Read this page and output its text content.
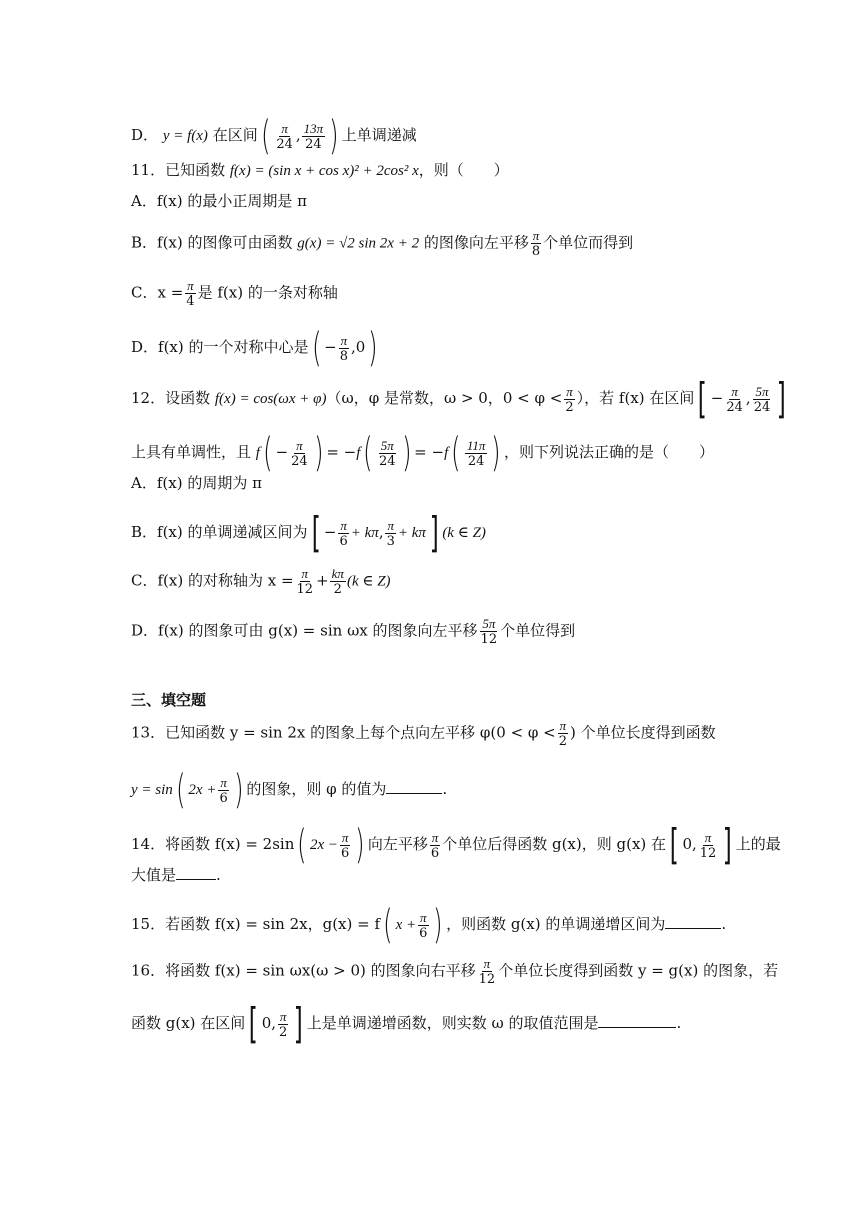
D． y = f(x) 在区间( $\frac{\pi}{24}$ , $\frac{13\pi}{24}$ ) 上单调递减
11．已知函数 f(x) = (sin x + cos x)² + 2cos² x，则（　　）
A．f(x) 的最小正周期是 π
B．f(x) 的图像可由函数 g(x) = √2 sin 2x + 2 的图像向左平移 $\frac{\pi}{8}$ 个单位而得到
C．$x = \frac{\pi}{4}$ 是 f(x) 的一条对称轴
D．f(x) 的一个对称中心是( − $\frac{\pi}{8} ,0$)
12．设函数 f(x) = cos(ωx + φ)（ω，φ 是常数，ω > 0，$0 < \varphi < \frac{\pi}{2}$ ），若 f(x) 在区间[ − $\frac{\pi}{24}$ , $\frac{5\pi}{24}$ ]
上具有单调性，且 $f( - \frac{\pi}{24}$ ) = $-f( \frac{5\pi}{24}$ ) = $-f( \frac{11\pi}{24}$ ) ，则下列说法正确的是（　　）
A．f(x) 的周期为 π
B．f(x) 的单调递减区间为[ − $\frac{\pi}{6} + k\pi$, $\frac{\pi}{3} + k\pi$] (k ∈ Z)
C．f(x) 的对称轴为 $x = \frac{\pi}{12} + \frac{k\pi}{2} (k$ ∈ Z)
D．f(x) 的图象可由 g(x) = sin ωx 的图象向左平移 $\frac{5\pi}{12}$ 个单位得到
三、填空题
13．已知函数 y = sin 2x 的图象上每个点向左平移 $\varphi(0 < \varphi < \frac{\pi}{2}$ ) 个单位长度得到函数
y = sin( $2x + \frac{\pi}{6}$ ) 的图象，则 φ 的值为	.
14．将函数 f(x) = 2sin( $2x - \frac{\pi}{6}$ ) 向左平移 $\frac{\pi}{6}$ 个单位后得函数 g(x)，则 g(x) 在[ 0, $\frac{\pi}{12}$ ] 上的最
大值是	.
15．若函数 f(x) = sin 2x，g(x) = f( $x + \frac{\pi}{6}$ ) ，则函数 g(x) 的单调递增区间为	.
16．将函数 f(x) = sin ωx(ω > 0) 的图象向右平移 $\frac{\pi}{12}$ 个单位长度得到函数 y = g(x) 的图象，若
函数 g(x) 在区间[ 0, $\frac{\pi}{2}$ ] 上是单调递增函数，则实数 ω 的取值范围是	.
